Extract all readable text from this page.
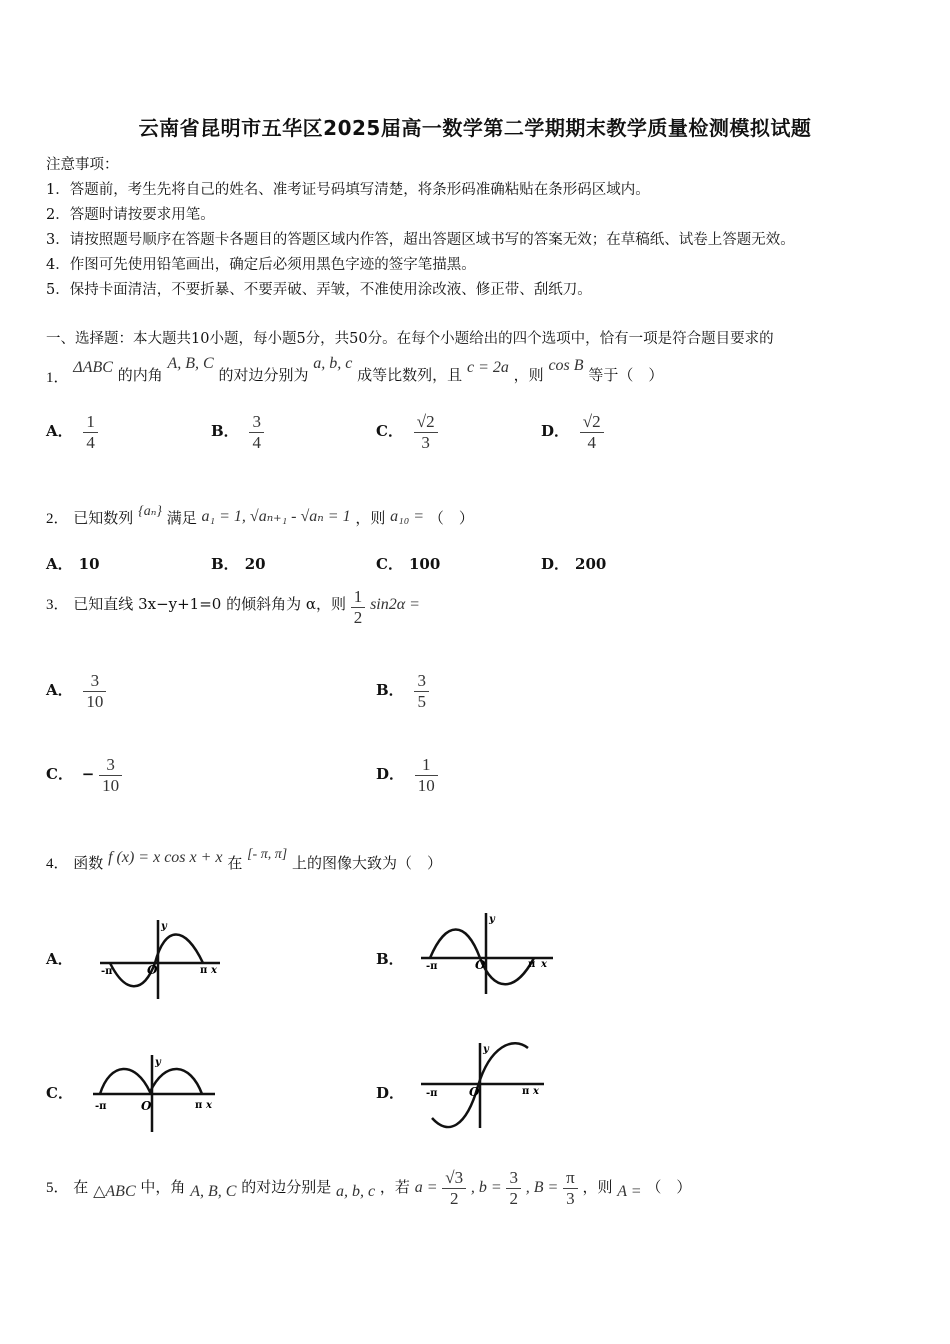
云南省昆明市五华区2025届高一数学第二学期期末教学质量检测模拟试题
注意事项：
1．答题前，考生先将自己的姓名、准考证号码填写清楚，将条形码准确粘贴在条形码区域内。
2．答题时请按要求用笔。
3．请按照题号顺序在答题卡各题目的答题区域内作答，超出答题区域书写的答案无效；在草稿纸、试卷上答题无效。
4．作图可先使用铅笔画出，确定后必须用黑色字迹的签字笔描黑。
5．保持卡面清洁，不要折暴、不要弄破、弄皱，不准使用涂改液、修正带、刮纸刀。
一、选择题：本大题共10小题，每小题5分，共50分。在每个小题给出的四个选项中，恰有一项是符合题目要求的
1． ΔABC 的内角 A, B, C 的对边分别为 a, b, c 成等比数列，且 c = 2a ，则 cos B 等于（　）
A． $\frac{1}{4}$	B． $\frac{3}{4}$	C． $\frac{√2}{3}$	D． $\frac{√2}{4}$
2． 已知数列 {aₙ} 满足 a₁ = 1, √aₙ₊₁ - √aₙ = 1 ，则 a₁₀ = （　）
A． 10	B． 20	C． 100	D． 200
3． 已知直线 3x−y+1=0 的倾斜角为 α，则 $\frac{1}{2} \sin 2\alpha$ =
A． $\frac{3}{10}$	B． $\frac{3}{5}$
C． − $\frac{3}{10}$	D． $\frac{1}{10}$
4． 函数 f (x) = x cos x + x 在 [- π, π] 上的图像大致为（　）
A．	B．
C．	D．
-π	π x
y
O	-π	π x
y
O
-π	π x
y
O
-π	π x
y
O
5． 在 △ABC 中，角 A, B, C 的对边分别是 a, b, c ，若 $a = \frac{√3}{2}$ , $b = \frac{3}{2}$ , $B = \frac{\pi}{3}$ ，则 A = （　）
